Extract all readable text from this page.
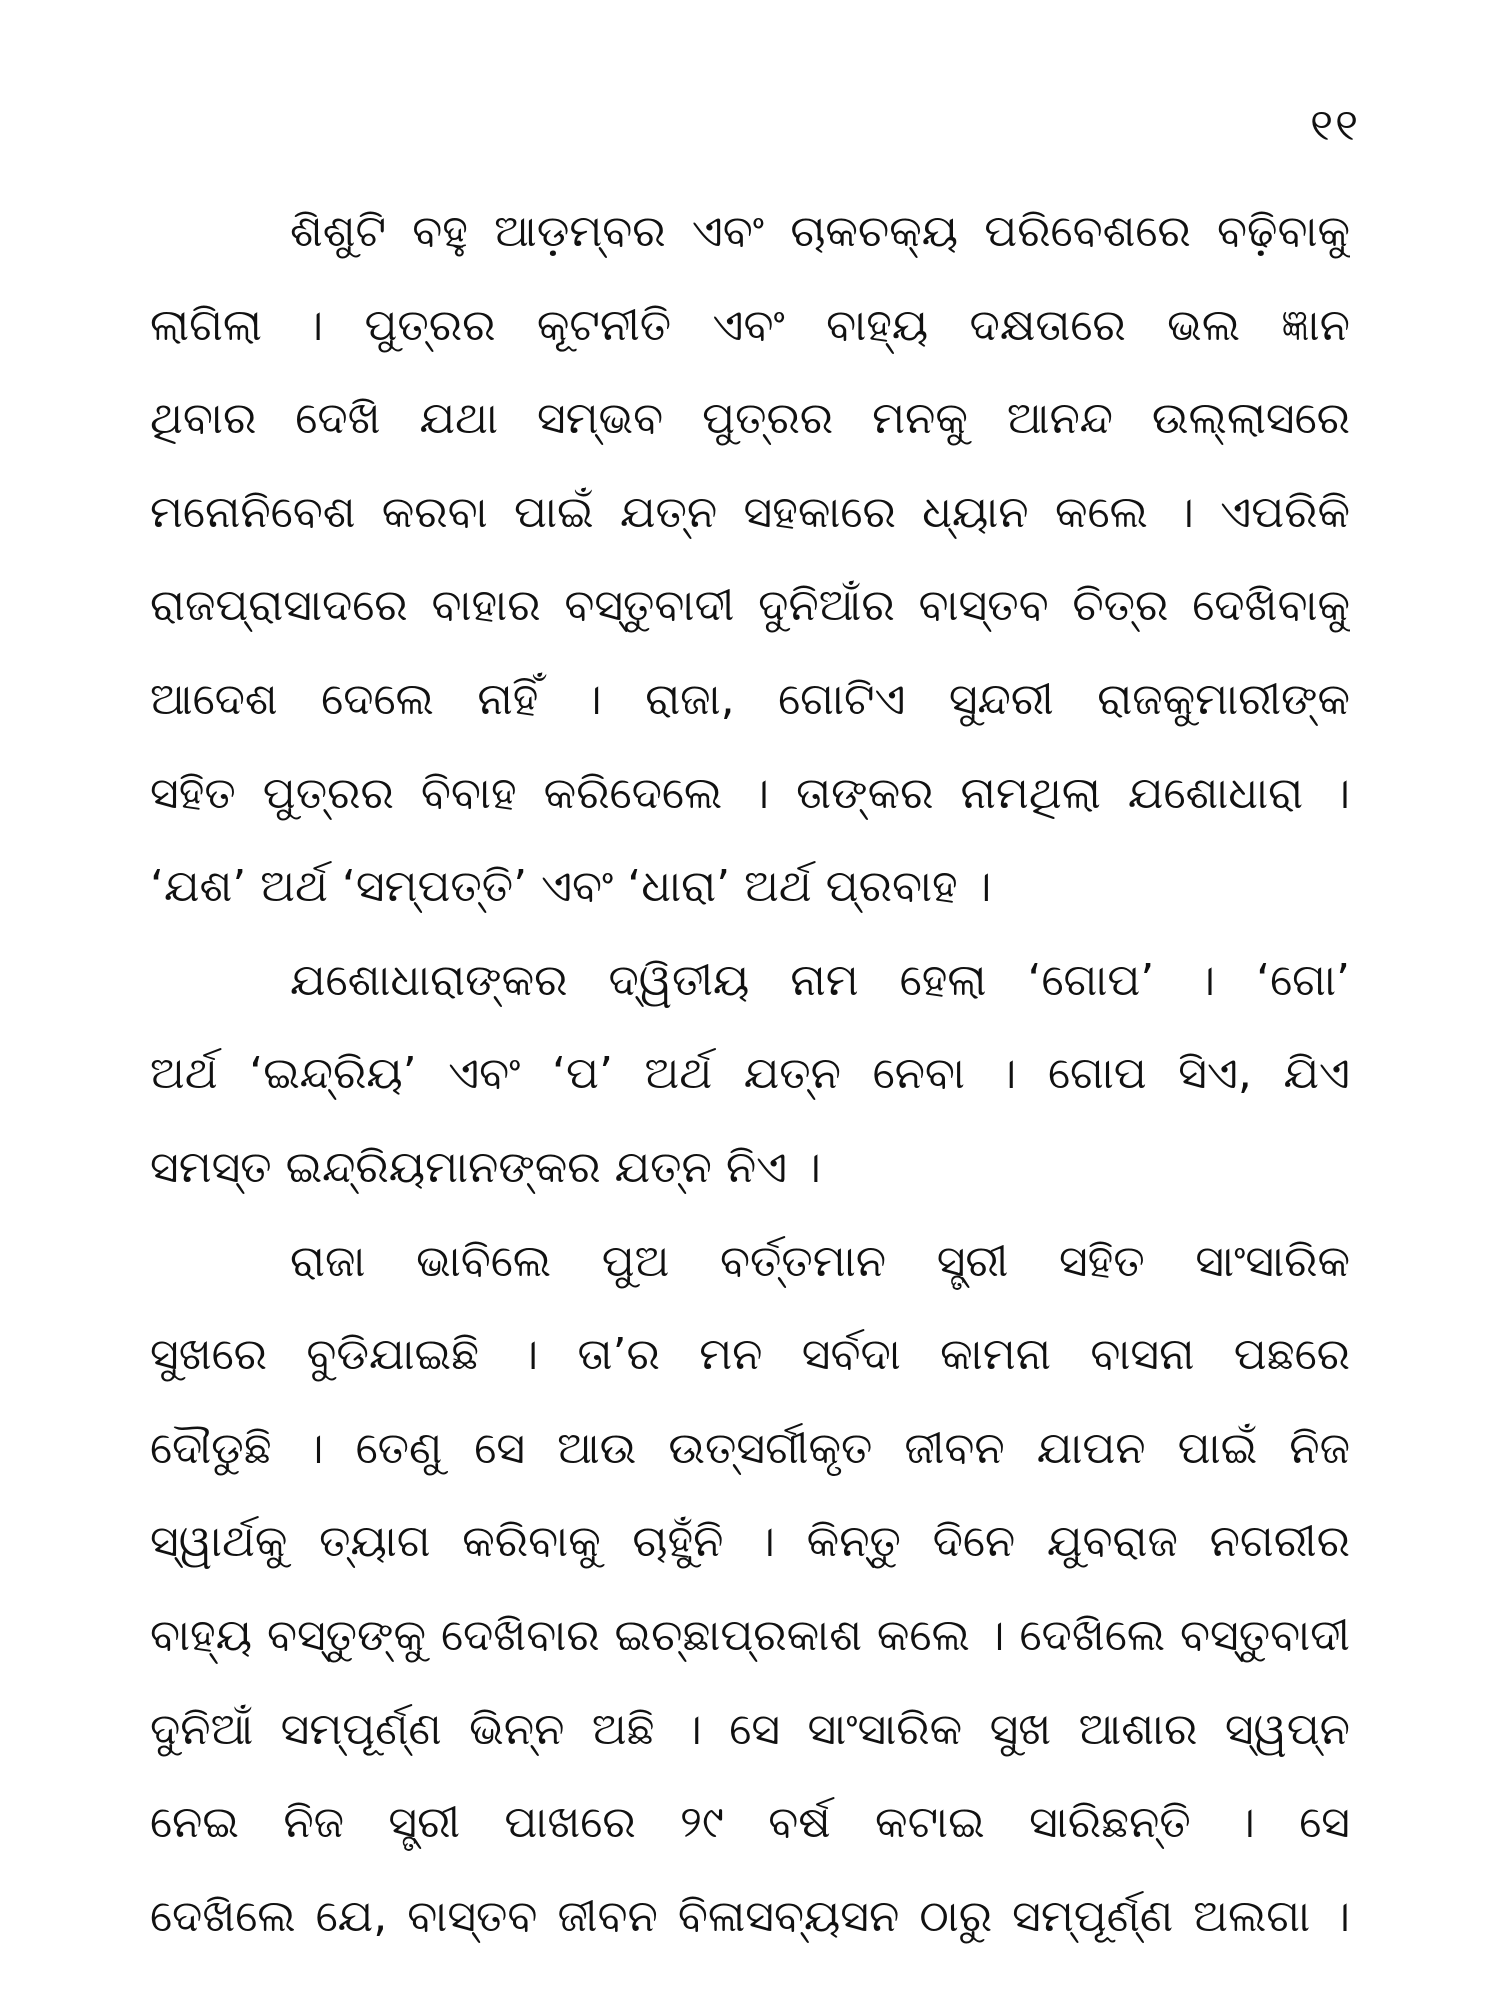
୧୧
ଶିଶୁଟି ବହୁ ଆଡ଼ମ୍ବର ଏବଂ ଚାକଚକ୍ୟ ପରିବେଶରେ ବଢ଼ିବାକୁ
ଲାଗିଲା । ପୁତ୍ରର କୂଟନୀତି ଏବଂ ବାହ୍ୟ ଦକ୍ଷତାରେ ଭଲ ଜ୍ଞାନ
ଥିବାର ଦେଖି ଯଥା ସମ୍ଭବ ପୁତ୍ରର ମନକୁ ଆନନ୍ଦ ଉଲ୍ଲାସରେ
ମନୋନିବେଶ କରବା ପାଇଁ ଯତ୍ନ ସହକାରେ ଧ୍ୟାନ କଲେ । ଏପରିକି
ରାଜପ୍ରାସାଦରେ ବାହାର ବସ୍ତୁବାଦୀ ଦୁନିଆଁର ବାସ୍ତବ ଚିତ୍ର ଦେଖିବାକୁ
ଆଦେଶ ଦେଲେ ନାହିଁ । ରାଜା, ଗୋଟିଏ ସୁନ୍ଦରୀ ରାଜକୁମାରୀଙ୍କ
ସହିତ ପୁତ୍ରର ବିବାହ କରିଦେଲେ । ତାଙ୍କର ନାମଥିଲା ଯଶୋଧାରା ।
‘ଯଶ’ ଅର୍ଥ ‘ସମ୍ପତ୍ତି’ ଏବଂ ‘ଧାରା’ ଅର୍ଥ ପ୍ରବାହ ।
ଯଶୋଧାରାଙ୍କର ଦ୍ୱିତୀୟ ନାମ ହେଲା ‘ଗୋପ’ । ‘ଗୋ’
ଅର୍ଥ ‘ଇନ୍ଦ୍ରିୟ’ ଏବଂ ‘ପ’ ଅର୍ଥ ଯତ୍ନ ନେବା । ଗୋପ ସିଏ, ଯିଏ
ସମସ୍ତ ଇନ୍ଦ୍ରିୟମାନଙ୍କର ଯତ୍ନ ନିଏ ।
ରାଜା ଭାବିଲେ ପୁଅ ବର୍ତ୍ତମାନ ସ୍ତ୍ରୀ ସହିତ ସାଂସାରିକ
ସୁଖରେ ବୁଡିଯାଇଛି । ତା’ର ମନ ସର୍ବଦା କାମନା ବାସନା ପଛରେ
ଦୌଡୁଛି । ତେଣୁ ସେ ଆଉ ଉତ୍ସର୍ଗୀକୃତ ଜୀବନ ଯାପନ ପାଇଁ ନିଜ
ସ୍ୱାର୍ଥକୁ ତ୍ୟାଗ କରିବାକୁ ଚାହୁଁନି । କିନ୍ତୁ ଦିନେ ଯୁବରାଜ ନଗରୀର
ବାହ୍ୟ ବସ୍ତୁଙ୍କୁ ଦେଖିବାର ଇଚ୍ଛାପ୍ରକାଶ କଲେ । ଦେଖିଲେ ବସ୍ତୁବାଦୀ
ଦୁନିଆଁ ସମ୍ପୂର୍ଣ୍ଣ ଭିନ୍ନ ଅଛି । ସେ ସାଂସାରିକ ସୁଖ ଆଶାର ସ୍ୱପ୍ନ
ନେଇ ନିଜ ସ୍ତ୍ରୀ ପାଖରେ ୨୯ ବର୍ଷ କଟାଇ ସାରିଛନ୍ତି । ସେ
ଦେଖିଲେ ଯେ, ବାସ୍ତବ ଜୀବନ ବିଳାସବ୍ୟସନ ଠାରୁ ସମ୍ପୂର୍ଣ୍ଣ ଅଲଗା ।
